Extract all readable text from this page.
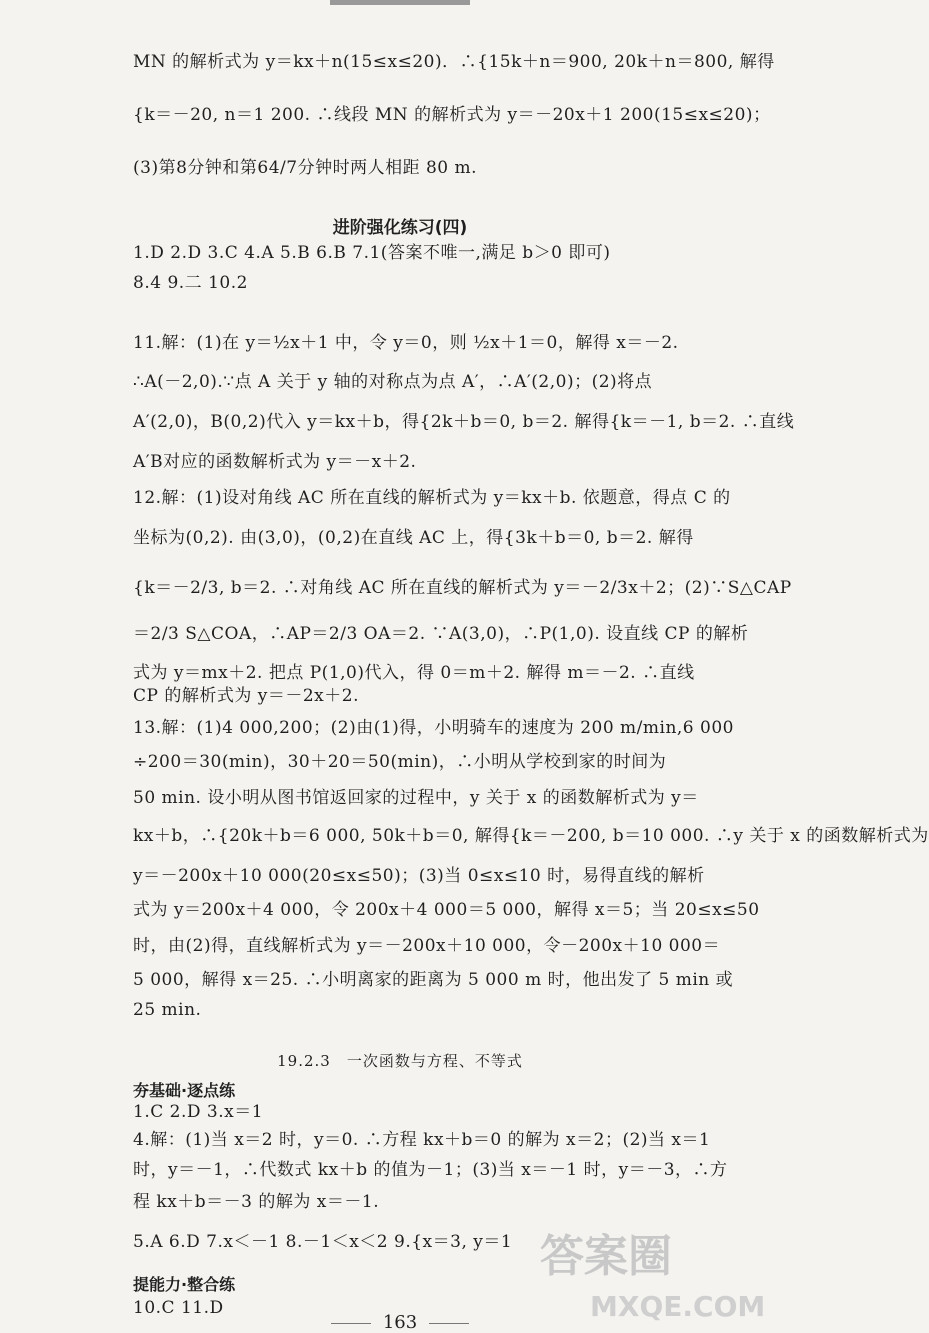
MN 的解析式为 y＝kx＋n(15≤x≤20)．∴{15k＋n＝900, 20k＋n＝800, 解得
{k＝－20, n＝1 200. ∴线段 MN 的解析式为 y＝－20x＋1 200(15≤x≤20)；
(3)第8分钟和第64/7分钟时两人相距 80 m.
进阶强化练习(四)
1.D 2.D 3.C 4.A 5.B 6.B 7.1(答案不唯一,满足 b＞0 即可)
8.4 9.二 10.2
11.解：(1)在 y＝½x＋1 中，令 y＝0，则 ½x＋1＝0，解得 x＝－2.
∴A(－2,0).∵点 A 关于 y 轴的对称点为点 A′，∴A′(2,0)；(2)将点
A′(2,0)，B(0,2)代入 y＝kx＋b，得{2k＋b＝0, b＝2. 解得{k＝－1, b＝2. ∴直线
A′B对应的函数解析式为 y＝－x＋2.
12.解：(1)设对角线 AC 所在直线的解析式为 y＝kx＋b. 依题意，得点 C 的
坐标为(0,2). 由(3,0)，(0,2)在直线 AC 上，得{3k＋b＝0, b＝2. 解得
{k＝－2/3, b＝2. ∴对角线 AC 所在直线的解析式为 y＝－2/3x＋2；(2)∵S△CAP
＝2/3 S△COA，∴AP＝2/3 OA＝2. ∵A(3,0)，∴P(1,0). 设直线 CP 的解析
式为 y＝mx＋2. 把点 P(1,0)代入，得 0＝m＋2. 解得 m＝－2. ∴直线
CP 的解析式为 y＝－2x＋2.
13.解：(1)4 000,200；(2)由(1)得，小明骑车的速度为 200 m/min,6 000
÷200＝30(min)，30＋20＝50(min)，∴小明从学校到家的时间为
50 min. 设小明从图书馆返回家的过程中，y 关于 x 的函数解析式为 y＝
kx＋b，∴{20k＋b＝6 000, 50k＋b＝0, 解得{k＝－200, b＝10 000. ∴y 关于 x 的函数解析式为
y＝－200x＋10 000(20≤x≤50)；(3)当 0≤x≤10 时，易得直线的解析
式为 y＝200x＋4 000，令 200x＋4 000＝5 000，解得 x＝5；当 20≤x≤50
时，由(2)得，直线解析式为 y＝－200x＋10 000，令－200x＋10 000＝
5 000，解得 x＝25. ∴小明离家的距离为 5 000 m 时，他出发了 5 min 或
25 min.
19.2.3　一次函数与方程、不等式
夯基础·逐点练
1.C 2.D 3.x＝1
4.解：(1)当 x＝2 时，y＝0. ∴方程 kx＋b＝0 的解为 x＝2；(2)当 x＝1
时，y＝－1，∴代数式 kx＋b 的值为－1；(3)当 x＝－1 时，y＝－3，∴方
程 kx＋b＝－3 的解为 x＝－1.
5.A 6.D 7.x＜－1 8.－1＜x＜2 9.{x＝3, y＝1
提能力·整合练
10.C 11.D
答案圈
MXQE.COM
163
